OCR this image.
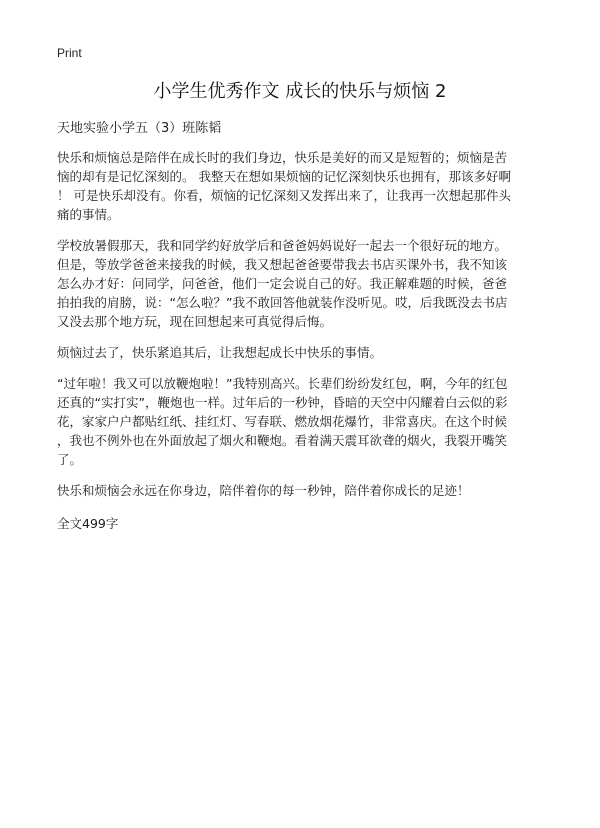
Print
小学生优秀作文 成长的快乐与烦恼 2
天地实验小学五（3）班陈韬

快乐和烦恼总是陪伴在成长时的我们身边，快乐是美好的而又是短暂的；烦恼是苦
恼的却有是记忆深刻的。 我整天在想如果烦恼的记忆深刻快乐也拥有，那该多好啊
！ 可是快乐却没有。你看，烦恼的记忆深刻又发挥出来了，让我再一次想起那件头
痛的事情。

学校放暑假那天，我和同学约好放学后和爸爸妈妈说好一起去一个很好玩的地方。
但是，等放学爸爸来接我的时候，我又想起爸爸要带我去书店买课外书，我不知该
怎么办才好：问同学，问爸爸，他们一定会说自己的好。我正解难题的时候，爸爸
拍拍我的肩膀，说：“怎么啦？”我不敢回答他就装作没听见。哎，后我既没去书店
又没去那个地方玩，现在回想起来可真觉得后悔。

烦恼过去了，快乐紧追其后，让我想起成长中快乐的事情。

“过年啦！我又可以放鞭炮啦！”我特别高兴。长辈们纷纷发红包，啊，今年的红包
还真的“实打实”，鞭炮也一样。过年后的一秒钟，昏暗的天空中闪耀着白云似的彩
花，家家户户都贴红纸、挂红灯、写春联、燃放烟花爆竹，非常喜庆。在这个时候
，我也不例外也在外面放起了烟火和鞭炮。看着满天震耳欲聋的烟火，我裂开嘴笑
了。

快乐和烦恼会永远在你身边，陪伴着你的每一秒钟，陪伴着你成长的足迹！

全文499字
